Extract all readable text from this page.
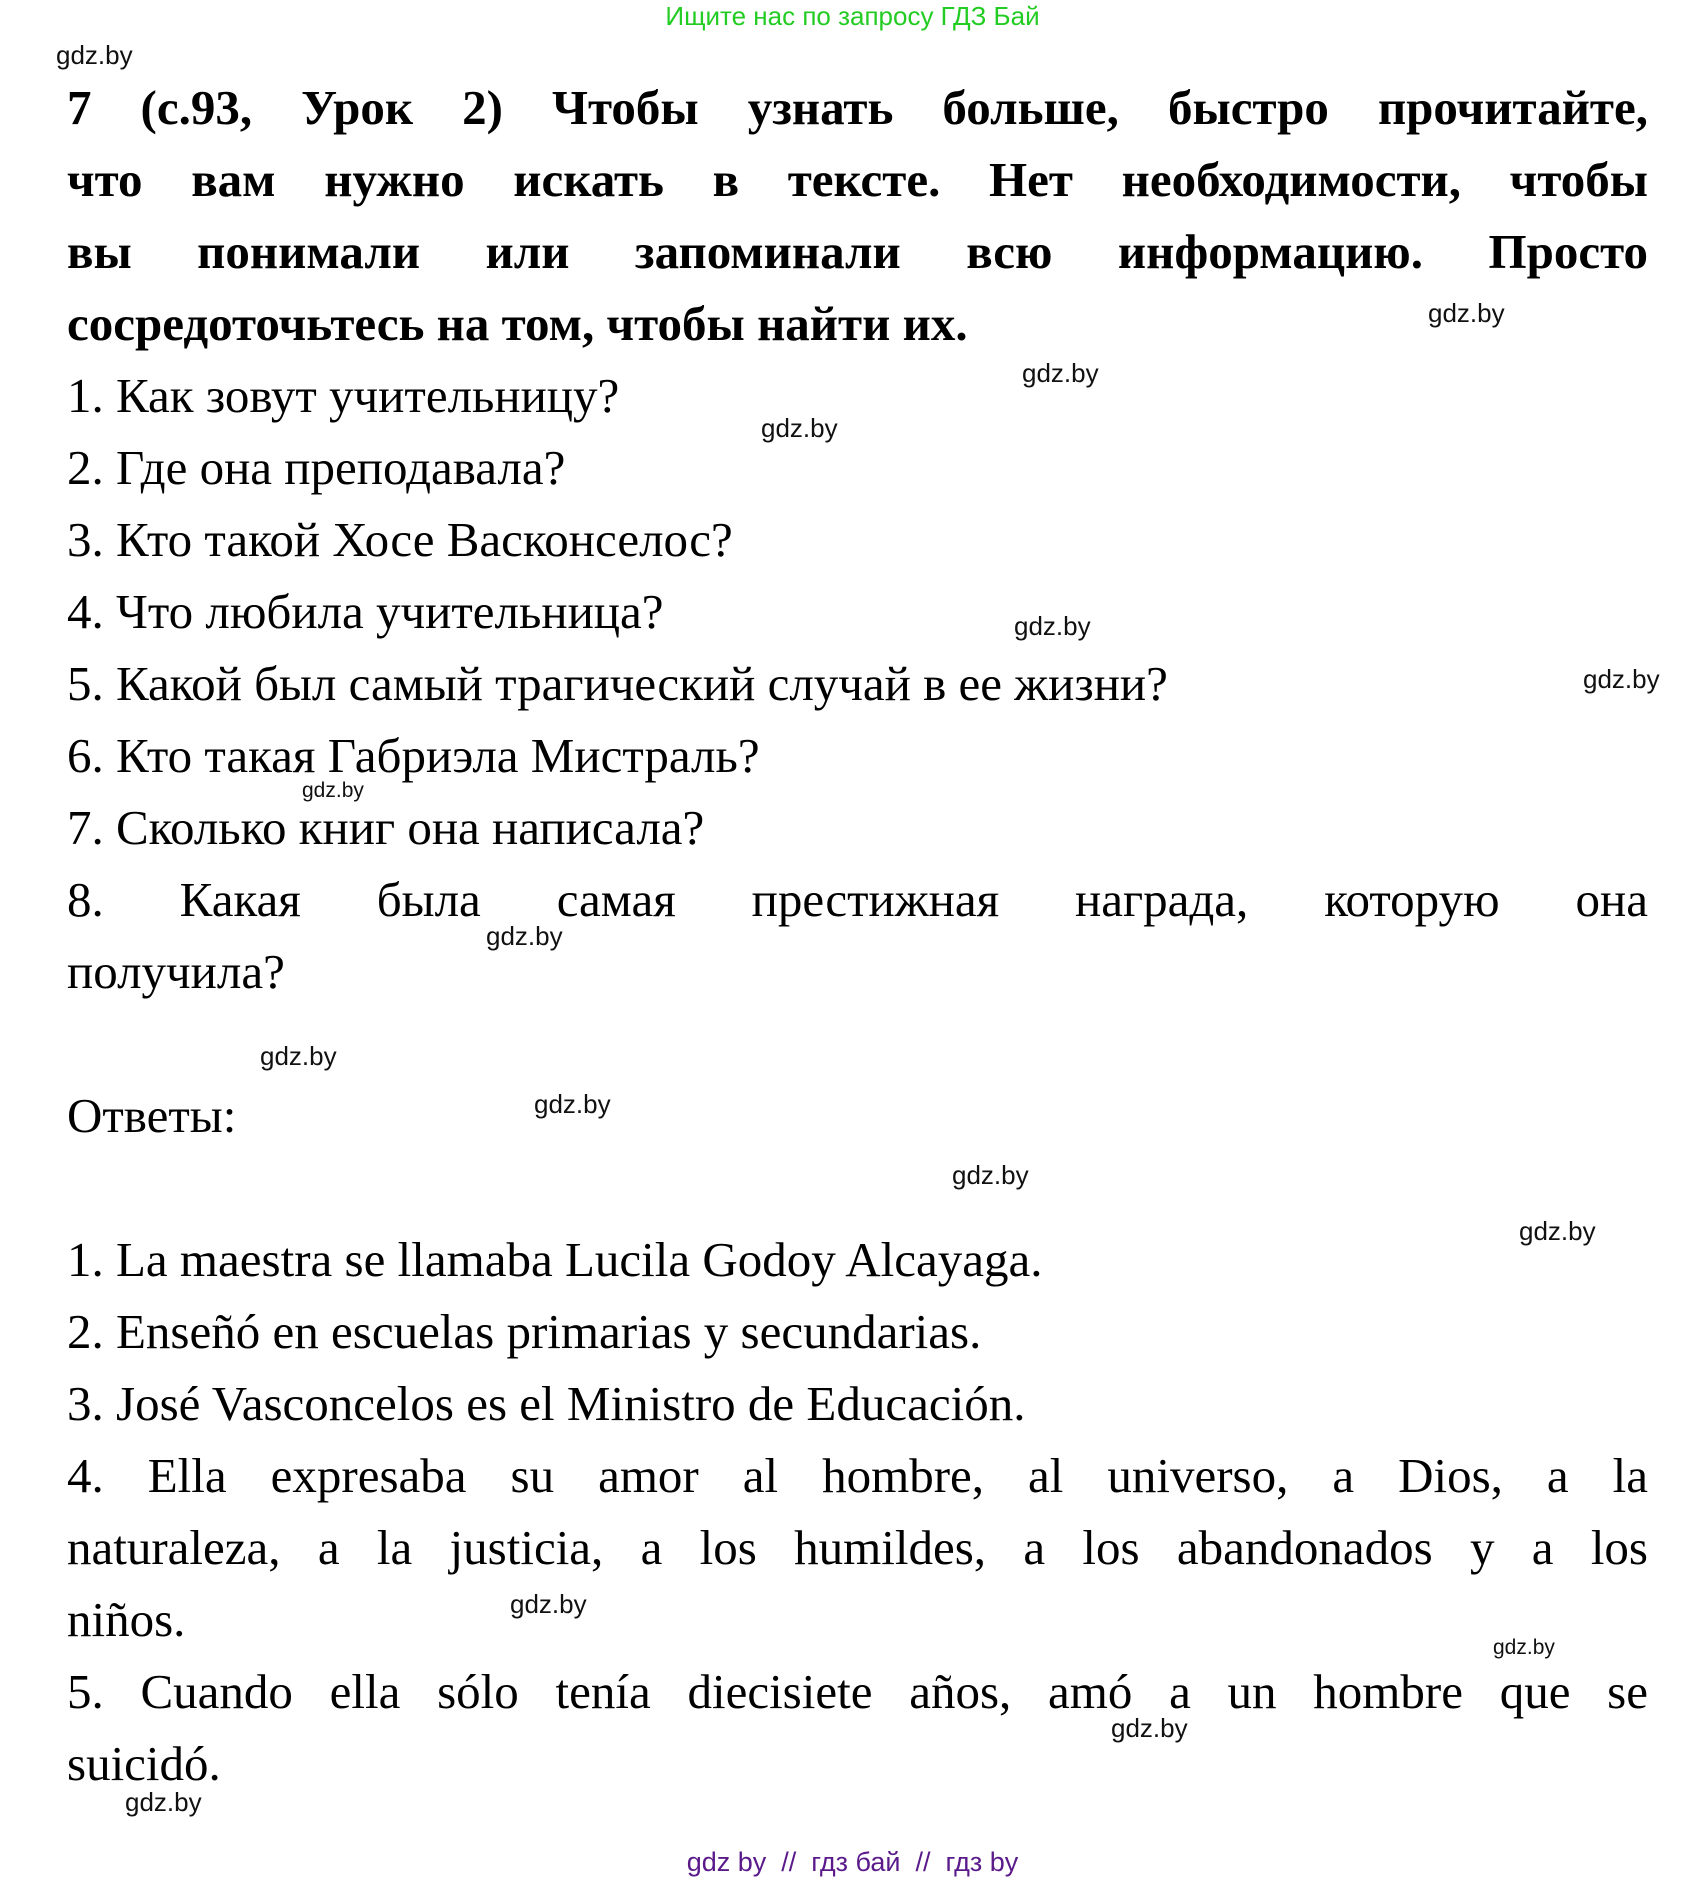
Ищите нас по запросу ГДЗ Бай
7 (с.93, Урок 2) Чтобы узнать больше, быстро прочитайте,
что вам нужно искать в тексте. Нет необходимости, чтобы
вы понимали или запоминали всю информацию. Просто
сосредоточьтесь на том, чтобы найти их.
1. Как зовут учительницу?
2. Где она преподавала?
3. Кто такой Хосе Васконселос?
4. Что любила учительница?
5. Какой был самый трагический случай в ее жизни?
6. Кто такая Габриэла Мистраль?
7. Сколько книг она написала?
8. Какая была самая престижная награда, которую она
получила?
Ответы:
1. La maestra se llamaba Lucila Godoy Alcayaga.
2. Enseñó en escuelas primarias y secundarias.
3. José Vasconcelos es el Ministro de Educación.
4. Ella expresaba su amor al hombre, al universo, a Dios, a la
naturaleza, a la justicia, a los humildes, a los abandonados y a los
niños.
5. Cuando ella sólo tenía diecisiete años, amó a un hombre que se
suicidó.
gdz.by
gdz.by
gdz.by
gdz.by
gdz.by
gdz.by
gdz.by
gdz.by
gdz.by
gdz.by
gdz.by
gdz.by
gdz.by
gdz.by
gdz.by
gdz.by
gdz by  //  гдз бай  //  гдз by
